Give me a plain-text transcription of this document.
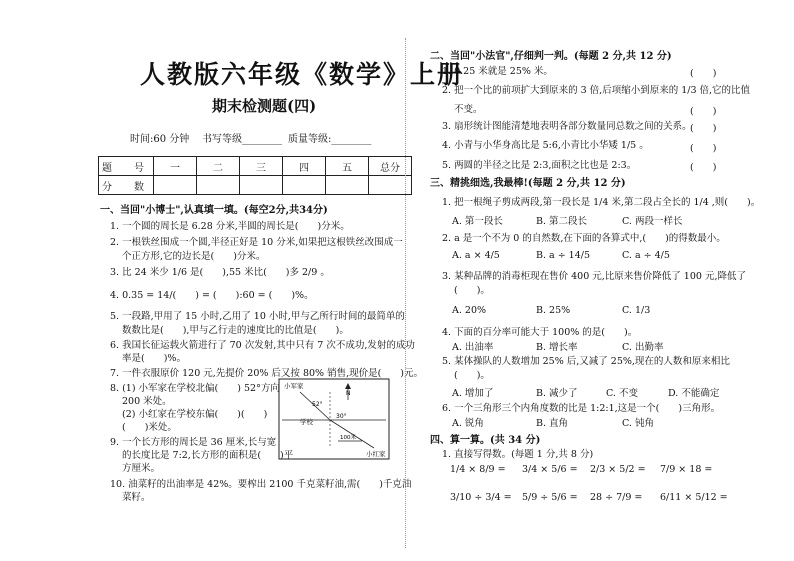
人教版六年级《数学》上册
期末检测题(四)
时间:60 分钟 书写等级________ 质量等级:________
题　号	一	二	三	四	五	总分
分　数						
一、当回"小博士",认真填一填。(每空2分,共34分)
1. 一个圆的周长是 6.28 分米,半圆的周长是(　　)分米。
2. 一根铁丝围成一个圆,半径正好是 10 分米,如果把这根铁丝改围成一
个正方形,它的边长是(　　)分米。
3. 比 24 米少 1/6 是(　　),55 米比(　　)多 2/9 。
4. 0.35 = 14/(　　) = (　　):60 = (　　)%。
5. 一段路,甲用了 15 小时,乙用了 10 小时,甲与乙所行时间的最简单的
数数比是(　　),甲与乙行走的速度比的比值是(　　)。
6. 我国长征运载火箭进行了 70 次发射,其中只有 7 次不成功,发射的成功
率是(　　)%。
7. 一件衣服原价 120 元,先提价 20% 后又按 80% 销售,现价是(　　)元。
8. (1) 小军家在学校北偏(　　) 52°方向
200 米处。
(2) 小红家在学校东偏(　　)(　　)
(　　)米处。
9. 一个长方形的周长是 36 厘米,长与宽
的长度比是 7:2,长方形的面积是(　　)平
方厘米。
10. 油菜籽的出油率是 42%。要榨出 2100 千克菜籽油,需(　　)千克油
菜籽。
小军家
学校
小红家
N
52°
30°
100米
二、当回"小法官",仔细判一判。(每题 2 分,共 12 分)
1. 0.25 米就是 25% 米。	(　　)
2. 把一个比的前项扩大到原来的 3 倍,后项缩小到原来的 1/3 倍,它的比值
不变。	(　　)
3. 扇形统计图能清楚地表明各部分数量同总数之间的关系。
(　　)
4. 小青与小华身高比是 5:6,小青比小华矮 1/5 。	(　　)
5. 两圆的半径之比是 2:3,面积之比也是 2:3。	(　　)
三、精挑细选,我最棒!(每题 2 分,共 12 分)
1. 把一根绳子剪成两段,第一段长是 1/4 米,第二段占全长的 1/4 ,则(　　)。
A. 第一段长	B. 第二段长	C. 两段一样长
2. a 是一个不为 0 的自然数,在下面的各算式中,(　　)的得数最小。
A. a × 4/5	B. a ÷ 14/5	C. a ÷ 4/5
3. 某种品牌的消毒柜现在售价 400 元,比原来售价降低了 100 元,降低了
(　　)。
A. 20%	B. 25%	C. 1/3
4. 下面的百分率可能大于 100% 的是(　　)。
A. 出油率	B. 增长率	C. 出勤率
5. 某体操队的人数增加 25% 后,又减了 25%,现在的人数和原来相比
(　　)。
A. 增加了	B. 减少了	C. 不变	D. 不能确定
6. 一个三角形三个内角度数的比是 1:2:1,这是一个(　　)三角形。
A. 锐角	B. 直角	C. 钝角
四、算一算。(共 34 分)
1. 直接写得数。(每题 1 分,共 8 分)
1/4 × 8/9 = 3/4 × 5/6 = 2/3 × 5/2 = 7/9 × 18 =
3/10 ÷ 3/4 = 5/9 ÷ 5/6 = 28 ÷ 7/9 = 6/11 × 5/12 =
